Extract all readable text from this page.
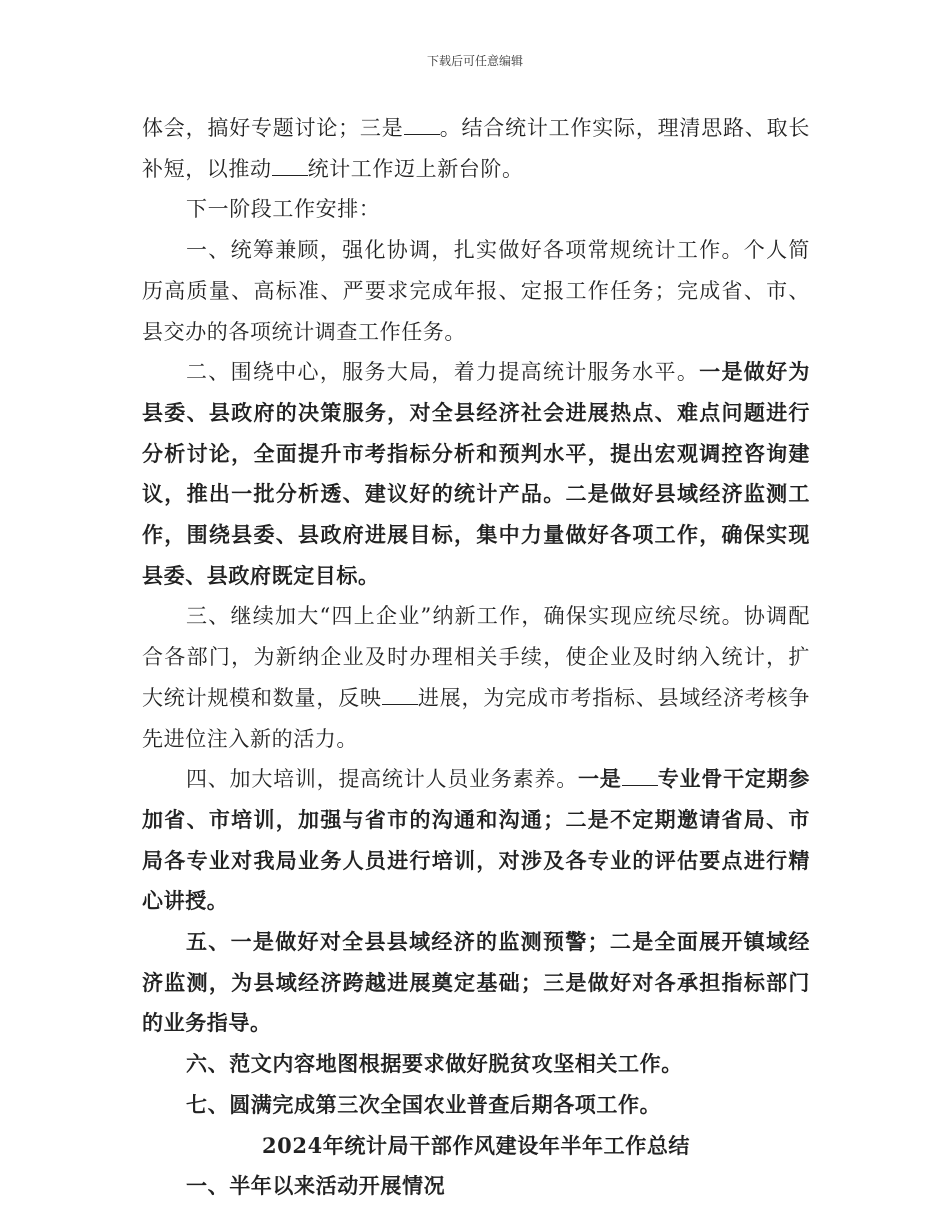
下载后可任意编辑

体会，搞好专题讨论；三是 。结合统计工作实际，理清思路、取长补短，以推动 统计工作迈上新台阶。

下一阶段工作安排：

一、统筹兼顾，强化协调，扎实做好各项常规统计工作。个人简历高质量、高标准、严要求完成年报、定报工作任务；完成省、市、县交办的各项统计调查工作任务。

二、围绕中心，服务大局，着力提高统计服务水平。一是做好为县委、县政府的决策服务，对全县经济社会进展热点、难点问题进行分析讨论，全面提升市考指标分析和预判水平，提出宏观调控咨询建议，推出一批分析透、建议好的统计产品。二是做好县域经济监测工作，围绕县委、县政府进展目标，集中力量做好各项工作，确保实现县委、县政府既定目标。

三、继续加大“四上企业”纳新工作，确保实现应统尽统。协调配合各部门，为新纳企业及时办理相关手续，使企业及时纳入统计，扩大统计规模和数量，反映 进展，为完成市考指标、县域经济考核争先进位注入新的活力。

四、加大培训，提高统计人员业务素养。一是 专业骨干定期参加省、市培训，加强与省市的沟通和沟通；二是不定期邀请省局、市局各专业对我局业务人员进行培训，对涉及各专业的评估要点进行精心讲授。

五、一是做好对全县县域经济的监测预警；二是全面展开镇域经济监测，为县域经济跨越进展奠定基础；三是做好对各承担指标部门的业务指导。

六、范文内容地图根据要求做好脱贫攻坚相关工作。

七、圆满完成第三次全国农业普查后期各项工作。

2024年统计局干部作风建设年半年工作总结

一、半年以来活动开展情况
